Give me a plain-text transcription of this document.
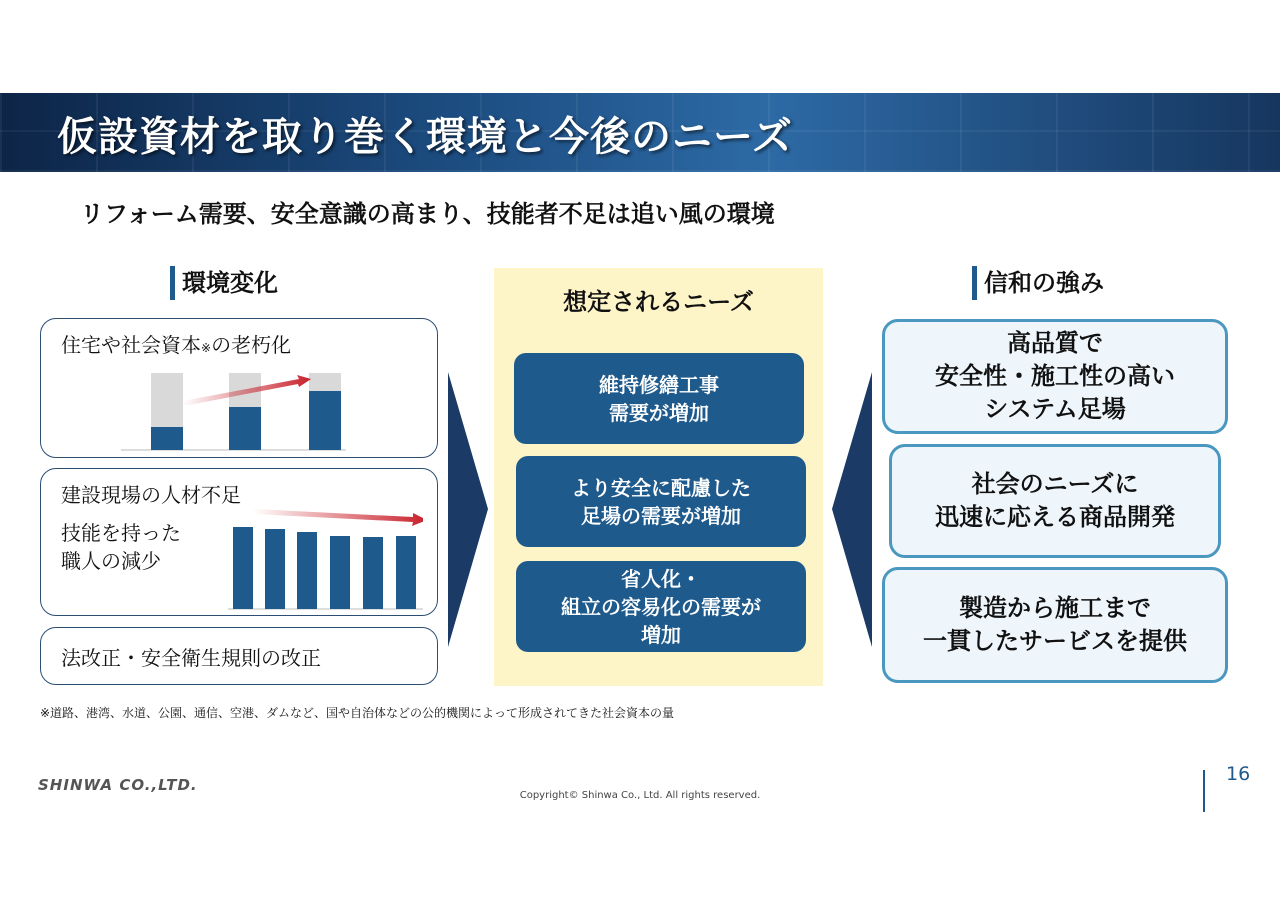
仮設資材を取り巻く環境と今後のニーズ
リフォーム需要、安全意識の高まり、技能者不足は追い風の環境
環境変化
住宅や社会資本※の老朽化
建設現場の人材不足
技能を持った
職人の減少
法改正・安全衛生規則の改正
想定されるニーズ
維持修繕工事
需要が増加
より安全に配慮した
足場の需要が増加
省人化・
組立の容易化の需要が
増加
信和の強み
高品質で
安全性・施工性の高い
システム足場
社会のニーズに
迅速に応える商品開発
製造から施工まで
一貫したサービスを提供
※道路、港湾、水道、公園、通信、空港、ダムなど、国や自治体などの公的機関によって形成されてきた社会資本の量
SHINWA CO.,LTD.
Copyright© Shinwa Co., Ltd. All rights reserved.
16
